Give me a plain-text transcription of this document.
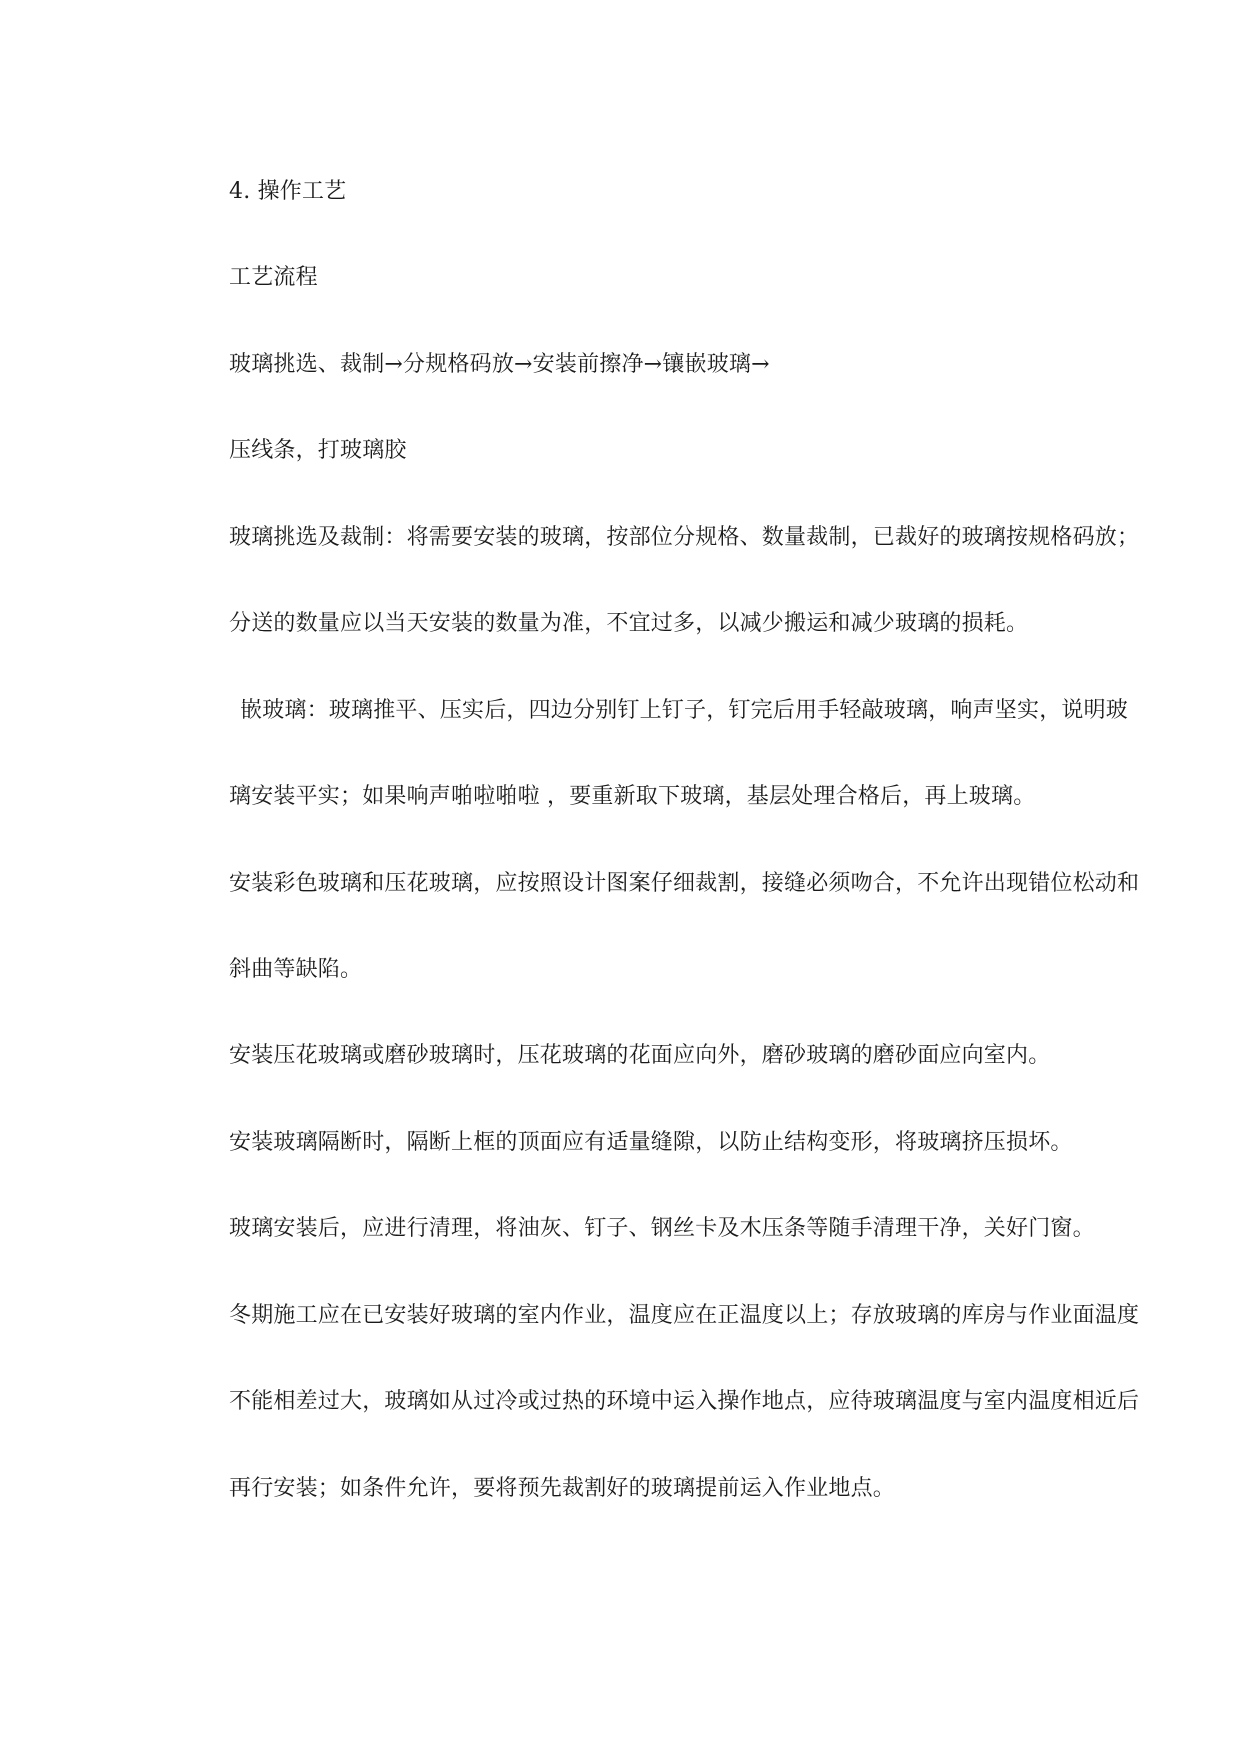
4. 操作工艺
工艺流程
玻璃挑选、裁制→分规格码放→安装前擦净→镶嵌玻璃→
压线条，打玻璃胶
玻璃挑选及裁制：将需要安装的玻璃，按部位分规格、数量裁制，已裁好的玻璃按规格码放；
分送的数量应以当天安装的数量为准，不宜过多，以减少搬运和减少玻璃的损耗。
嵌玻璃：玻璃推平、压实后，四边分别钉上钉子，钉完后用手轻敲玻璃，响声坚实，说明玻
璃安装平实；如果响声啪啦啪啦 ，要重新取下玻璃，基层处理合格后，再上玻璃。
安装彩色玻璃和压花玻璃，应按照设计图案仔细裁割，接缝必须吻合，不允许出现错位松动和
斜曲等缺陷。
安装压花玻璃或磨砂玻璃时，压花玻璃的花面应向外，磨砂玻璃的磨砂面应向室内。
安装玻璃隔断时，隔断上框的顶面应有适量缝隙，以防止结构变形，将玻璃挤压损坏。
玻璃安装后，应进行清理，将油灰、钉子、钢丝卡及木压条等随手清理干净，关好门窗。
冬期施工应在已安装好玻璃的室内作业，温度应在正温度以上；存放玻璃的库房与作业面温度
不能相差过大，玻璃如从过冷或过热的环境中运入操作地点，应待玻璃温度与室内温度相近后
再行安装；如条件允许，要将预先裁割好的玻璃提前运入作业地点。
